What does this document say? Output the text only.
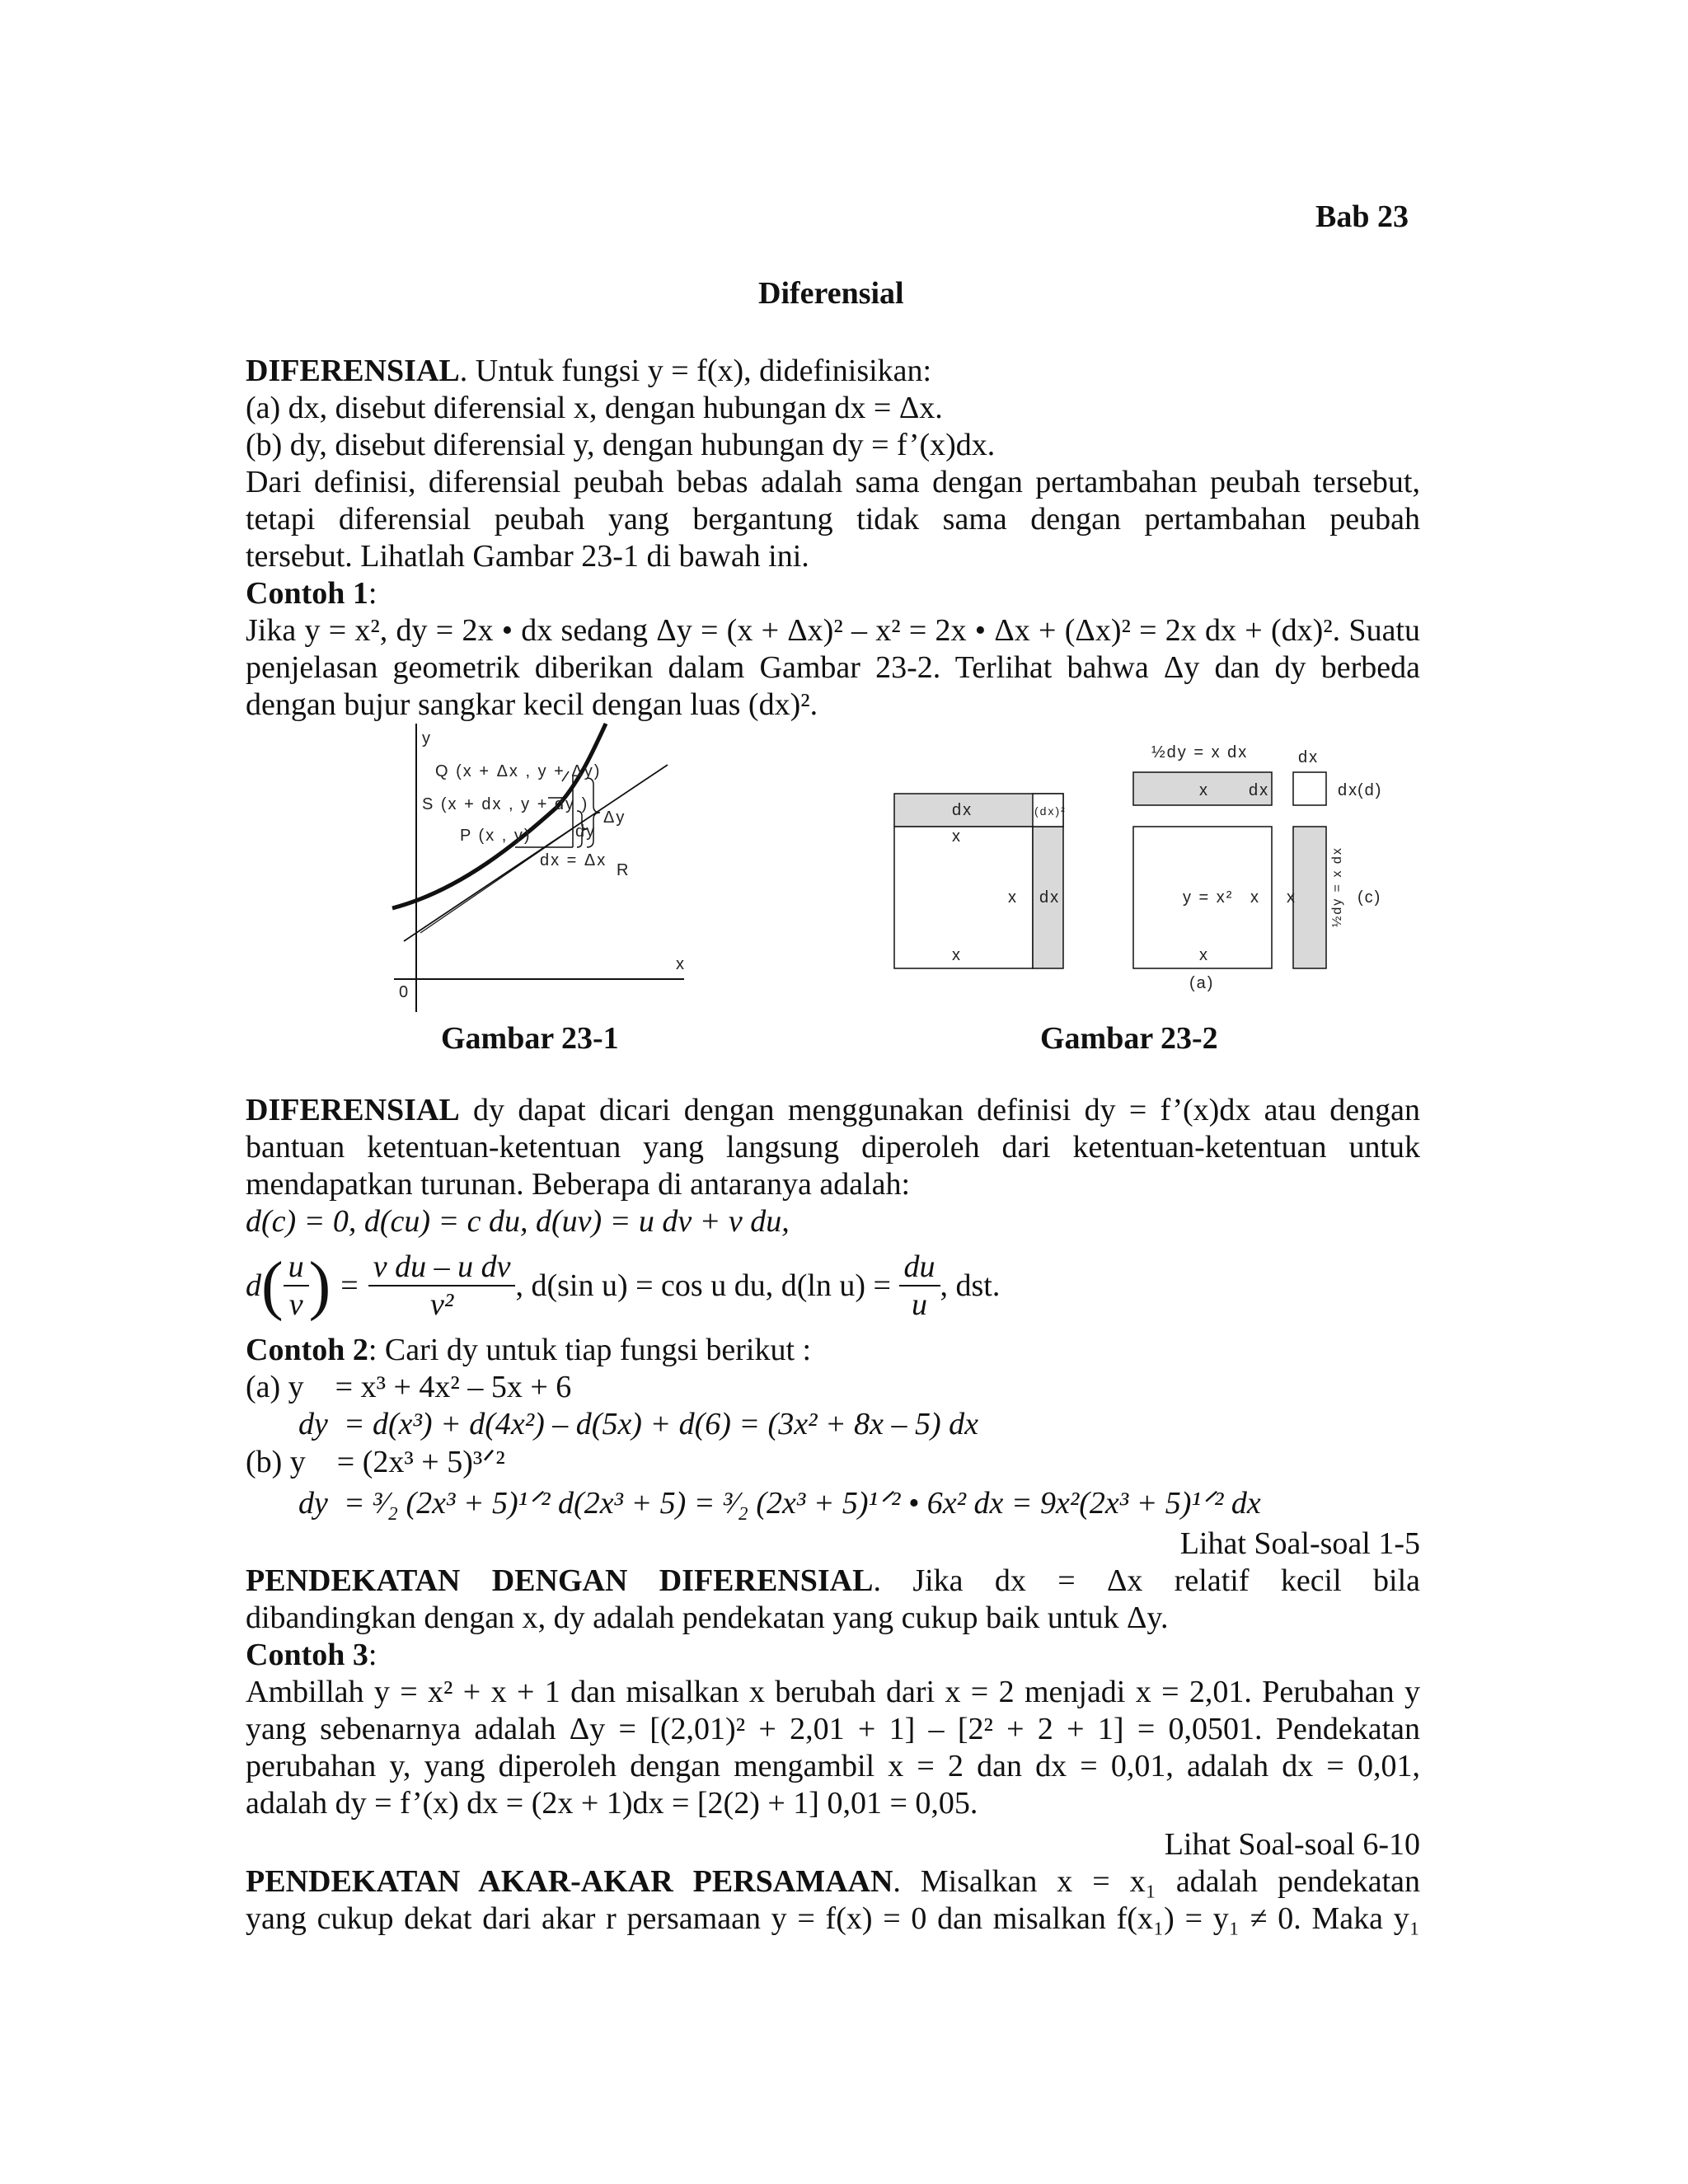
Bab 23
Diferensial
DIFERENSIAL. Untuk fungsi y = f(x), didefinisikan:
(a) dx, disebut diferensial x, dengan hubungan dx = Δx.
(b) dy, disebut diferensial y, dengan hubungan dy = f’(x)dx.
Dari definisi, diferensial peubah bebas adalah sama dengan pertambahan peubah tersebut,
tetapi diferensial peubah yang bergantung tidak sama dengan pertambahan peubah
tersebut. Lihatlah Gambar 23-1 di bawah ini.
Contoh 1:
Jika y = x², dy = 2x • dx sedang Δy = (x + Δx)² – x² = 2x • Δx + (Δx)² = 2x dx + (dx)². Suatu
penjelasan geometrik diberikan dalam Gambar 23-2. Terlihat bahwa Δy dan dy berbeda
dengan bujur sangkar kecil dengan luas (dx)².
y
Q (x + Δx , y + Δy)
S (x + dx , y + dy )
P (x , y)	dy
Δy
dx = Δx
R
x
0
Gambar 23-1
dx	(dx)²
x
x dx
x
½dy = x dx
x dx
y = x² x
x
(a)
dx
dx
(d)
x	½dy = x dx (c)
Gambar 23-2
DIFERENSIAL dy dapat dicari dengan menggunakan definisi dy = f’(x)dx atau dengan
bantuan ketentuan-ketentuan yang langsung diperoleh dari ketentuan-ketentuan untuk
mendapatkan turunan. Beberapa di antaranya adalah:
d(c) = 0, d(cu) = c du, d(uv) = u dv + v du,
d ( $\frac{u}{v}$ ) = $\frac{\text{v du – u dv}}{\text{v²}}$ , d(sin u) = cos u du, d(ln $u) = \frac{du}{u}$ , dst.
Contoh 2: Cari dy untuk tiap fungsi berikut :
(a) y    = x³ + 4x² – 5x + 6
dy  = d(x³) + d(4x²) – d(5x) + d(6) = (3x² + 8x – 5) dx
(b) y    = (2x³ + 5)³ᐟ²
dy  = ³⁄₂ (2x³ + 5)¹ᐟ² d(2x³ + 5) = ³⁄₂ (2x³ + 5)¹ᐟ² • 6x² dx = 9x²(2x³ + 5)¹ᐟ² dx
Lihat Soal-soal 1-5
PENDEKATAN DENGAN DIFERENSIAL. Jika dx = Δx relatif kecil bila
dibandingkan dengan x, dy adalah pendekatan yang cukup baik untuk Δy.
Contoh 3:
Ambillah y = x² + x + 1 dan misalkan x berubah dari x = 2 menjadi x = 2,01. Perubahan y
yang sebenarnya adalah Δy = [(2,01)² + 2,01 + 1] – [2² + 2 + 1] = 0,0501. Pendekatan
perubahan y, yang diperoleh dengan mengambil x = 2 dan dx = 0,01, adalah dx = 0,01,
adalah dy = f’(x) dx = (2x + 1)dx = [2(2) + 1] 0,01 = 0,05.
Lihat Soal-soal 6-10
PENDEKATAN AKAR-AKAR PERSAMAAN. Misalkan x = x₁ adalah pendekatan
yang cukup dekat dari akar r persamaan y = f(x) = 0 dan misalkan f(x₁) = y₁ ≠ 0. Maka y₁
